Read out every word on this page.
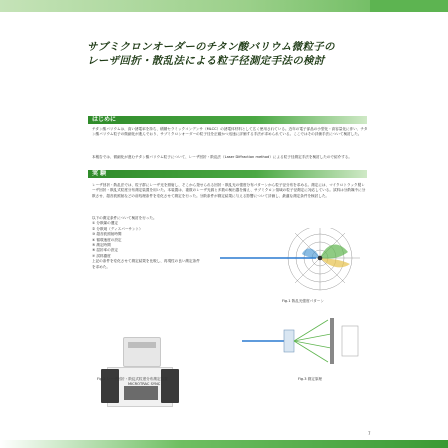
サブミクロンオーダーのチタン酸バリウム微粒子の
レーザ回折・散乱法による粒子径測定手法の検討
はじめに
チタン酸バリウムは、高い誘電率を持ち、積層セラミックコンデンサ（MLCC）の誘電体材料として広く使用されている。近年の電子部品の小型化・高容量化に伴い、チタン酸バリウム粒子の微細化が進んでおり、サブミクロンオーダーの粒子径を正確かつ迅速に評価する手法が求められている。ここではその評価手法について検討した。
本報告では、微細化が進むチタン酸バリウム粒子について、レーザ回折・散乱法（Laser Diffraction method）による粒子径測定手法を検討したので紹介する。
実 験
レーザ回折・散乱法では、粒子群にレーザ光を照射し、そこから発せられる回折・散乱光の強度分布パターンから粒子径分布を求める。測定には、マイクロトラック製レーザ回折・散乱式粒度分布測定装置を用いた。本装置は、複数のレーザ光源と多数の検出器を備え、サブミクロン領域の粒子径測定に対応している。試料は分散媒中に分散させ、超音波照射などの前処理条件を変化させて測定を行った。分散条件が測定結果に与える影響について評価し、最適な測定条件を検討した。
以下の測定条件について検討を行った。
① 分散媒の選定
② 分散剤（ディスパーサント）
③ 超音波照射時間
④ 循環速度の設定
⑤ 測定時間
⑥ 屈折率の設定
⑦ 試料濃度
上記の条件を変化させて測定結果を比較し、再現性の良い測定条件を求めた。
Fig.1 散乱光強度パターン
Fig.3 測定原理
Fig.2 レーザ回折・散乱式粒度分布測定装置
MICROTRAC SYNC
7
